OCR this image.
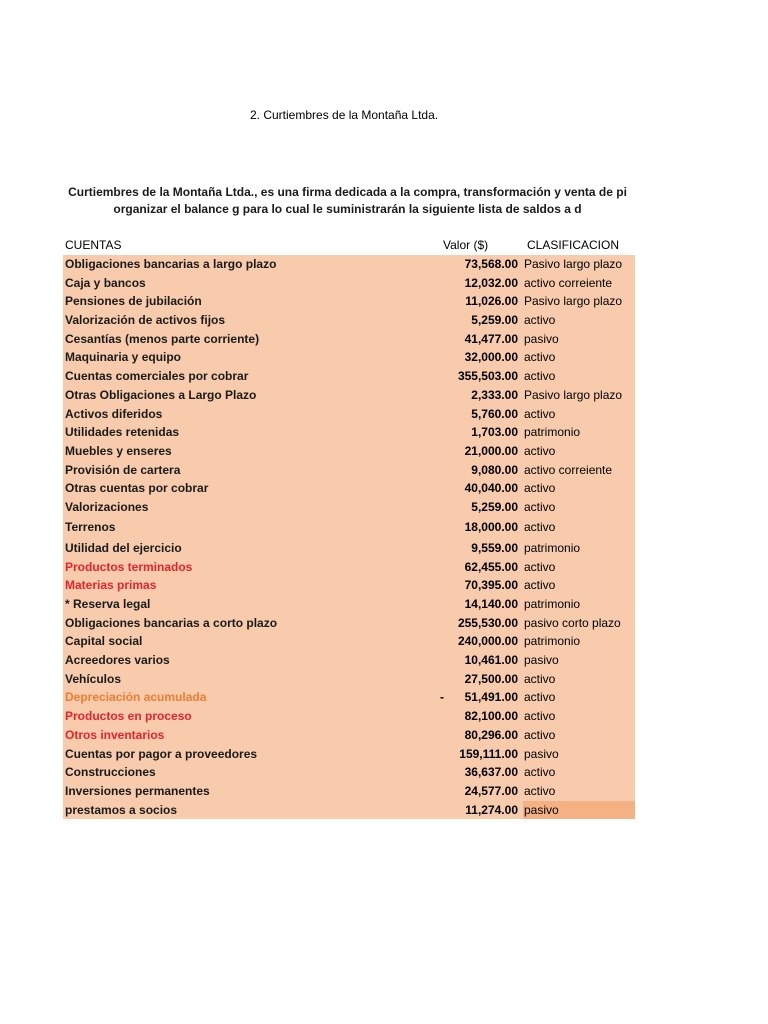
2. Curtiembres de la Montaña Ltda.
Curtiembres de la Montaña Ltda., es una firma dedicada a la compra, transformación y venta de pi
organizar el balance g para lo cual le suministrarán la siguiente lista de saldos a d
CUENTAS	Valor ($)	CLASIFICACION
Obligaciones bancarias a largo plazo	73,568.00 Pasivo largo plazo
Caja y bancos	12,032.00 activo correiente
Pensiones de jubilación	11,026.00 Pasivo largo plazo
Valorización de activos fijos	5,259.00 activo
Cesantías (menos parte corriente)	41,477.00 pasivo
Maquinaria y equipo	32,000.00 activo
Cuentas comerciales por cobrar	355,503.00 activo
Otras Obligaciones a Largo Plazo	2,333.00 Pasivo largo plazo
Activos diferidos	5,760.00 activo
Utilidades retenidas	1,703.00 patrimonio
Muebles y enseres	21,000.00 activo
Provisión de cartera	9,080.00 activo correiente
Otras cuentas por cobrar	40,040.00 activo
Valorizaciones	5,259.00 activo
Terrenos	18,000.00 activo
Utilidad del ejercicio	9,559.00 patrimonio
Productos terminados	62,455.00 activo
Materias primas	70,395.00 activo
* Reserva legal	14,140.00 patrimonio
Obligaciones bancarias a corto plazo	255,530.00 pasivo corto plazo
Capital social	240,000.00 patrimonio
Acreedores varios	10,461.00 pasivo
Vehículos	27,500.00 activo
Depreciación acumulada	- 51,491.00 activo
Productos en proceso	82,100.00 activo
Otros inventarios	80,296.00 activo
Cuentas por pagor a proveedores	159,111.00 pasivo
Construcciones	36,637.00 activo
Inversiones permanentes	24,577.00 activo
prestamos a socios	11,274.00 pasivo
